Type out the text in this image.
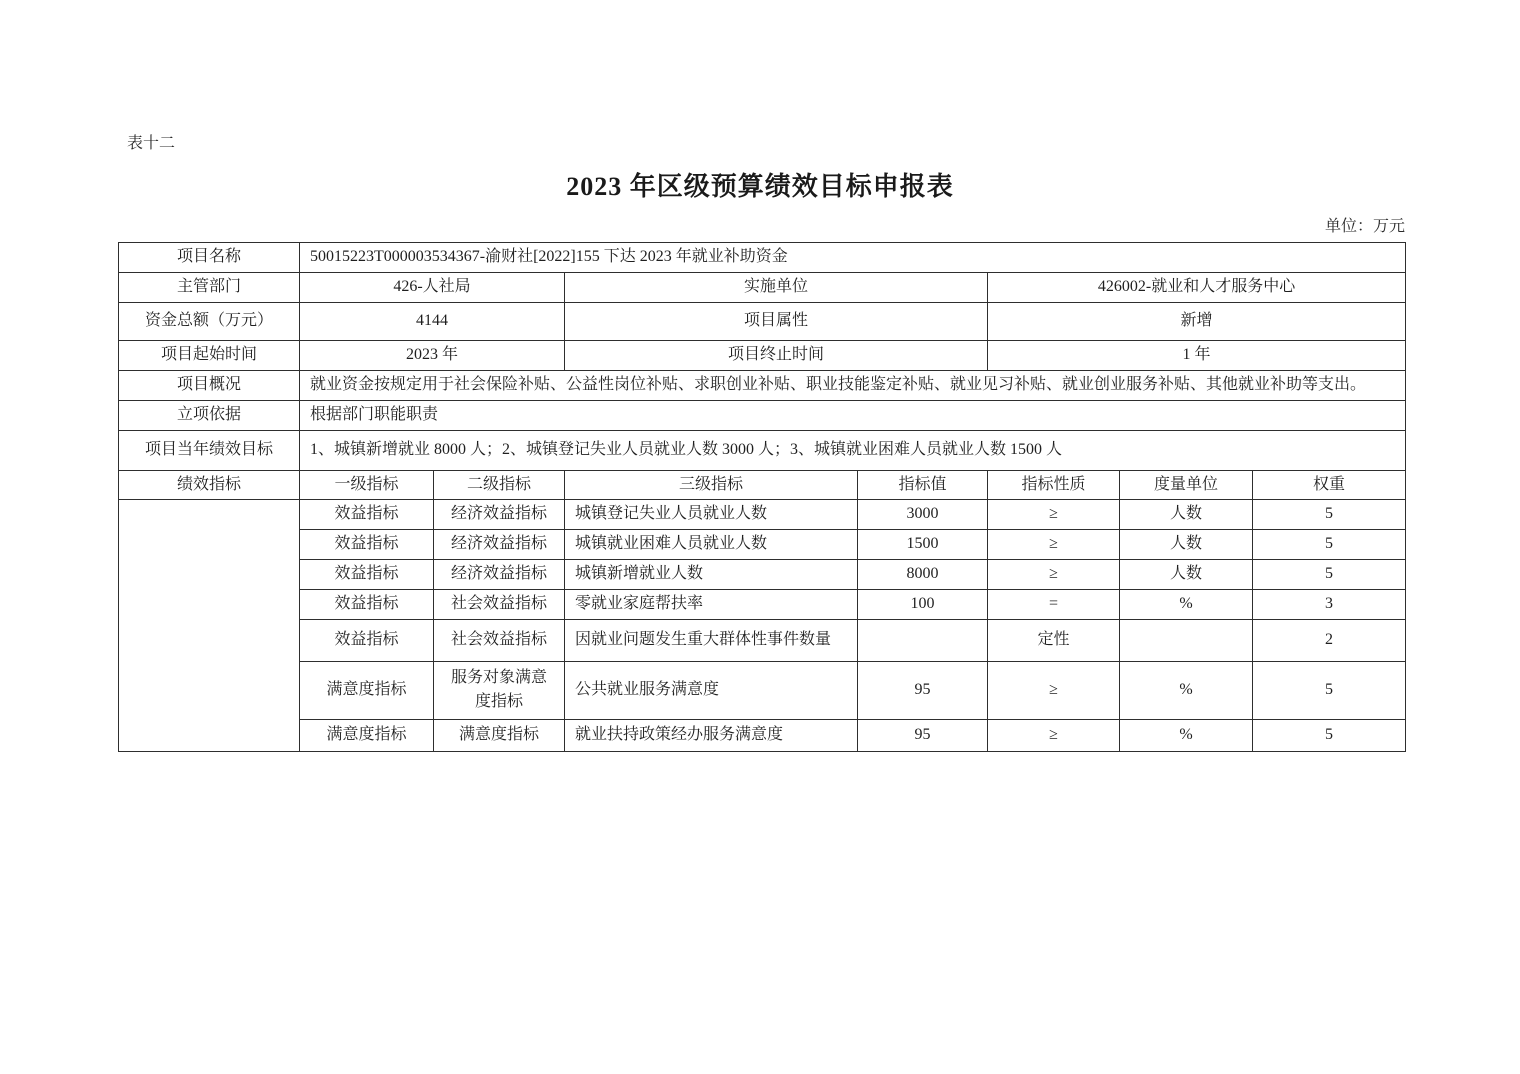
表十二
2023 年区级预算绩效目标申报表
单位：万元
项目名称	50015223T000003534367-渝财社[2022]155 下达 2023 年就业补助资金						
主管部门	426-人社局		实施单位		426002-就业和人才服务中心		
资金总额（万元）	4144		项目属性		新增		
项目起始时间	2023 年		项目终止时间		1 年		
项目概况	就业资金按规定用于社会保险补贴、公益性岗位补贴、求职创业补贴、职业技能鉴定补贴、就业见习补贴、就业创业服务补贴、其他就业补助等支出。						
立项依据	根据部门职能职责						
项目当年绩效目标	1、城镇新增就业 8000 人；2、城镇登记失业人员就业人数 3000 人；3、城镇就业困难人员就业人数 1500 人						
绩效指标	一级指标	二级指标	三级指标	指标值	指标性质	度量单位	权重
	效益指标	经济效益指标	城镇登记失业人员就业人数	3000	≥	人数	5
	效益指标	经济效益指标	城镇就业困难人员就业人数	1500	≥	人数	5
	效益指标	经济效益指标	城镇新增就业人数	8000	≥	人数	5
	效益指标	社会效益指标	零就业家庭帮扶率	100	=	%	3
	效益指标	社会效益指标	因就业问题发生重大群体性事件数量		定性		2
	满意度指标	服务对象满意度指标	公共就业服务满意度	95	≥	%	5
	满意度指标	满意度指标	就业扶持政策经办服务满意度	95	≥	%	5
